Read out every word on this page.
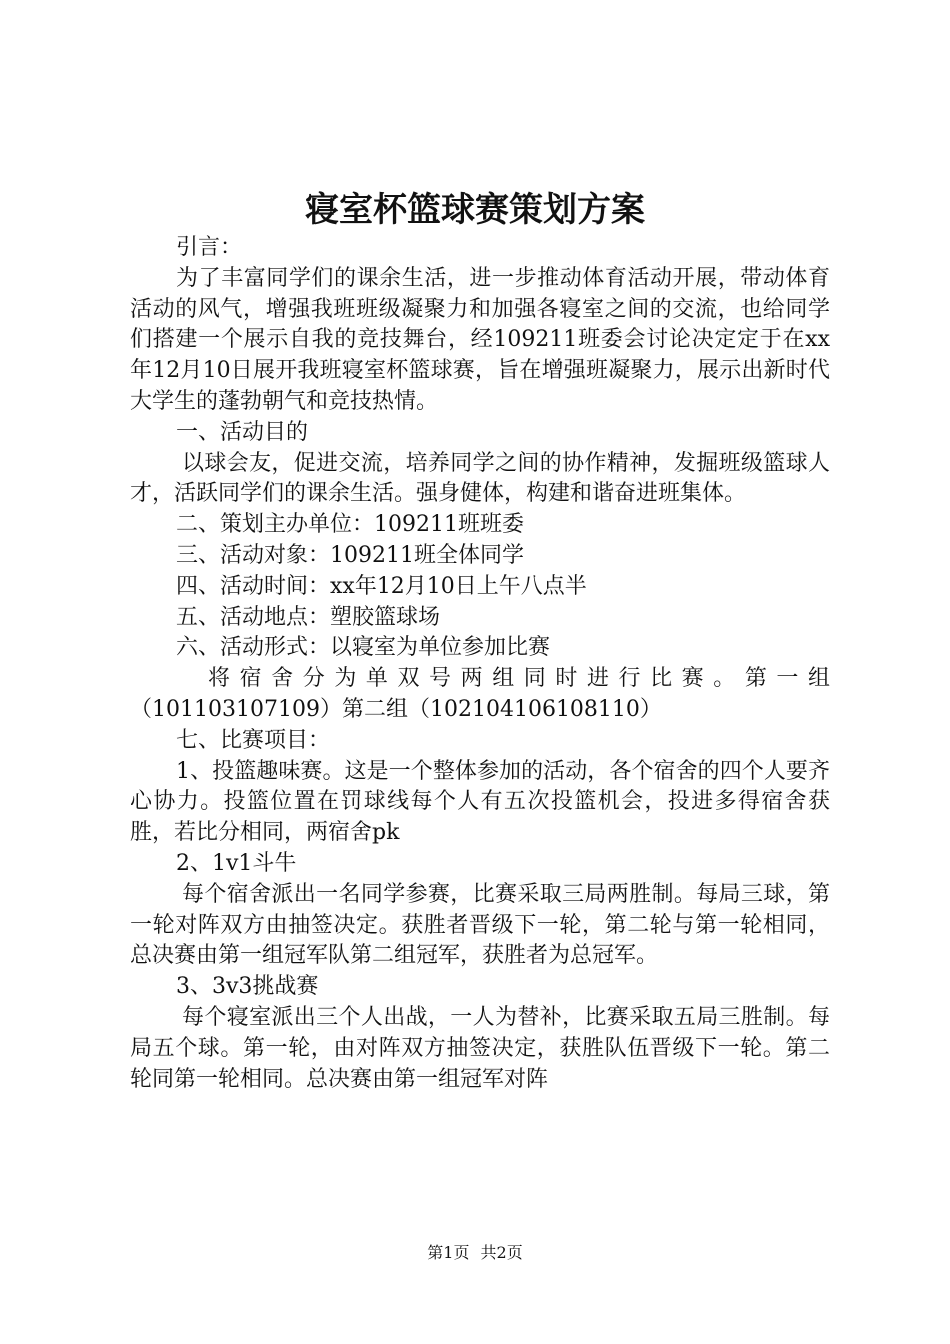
寝室杯篮球赛策划方案

引言：

为了丰富同学们的课余生活，进一步推动体育活动开展，带动体育活动的风气，增强我班班级凝聚力和加强各寝室之间的交流，也给同学们搭建一个展示自我的竞技舞台，经109211班委会讨论决定定于在xx年12月10日展开我班寝室杯篮球赛，旨在增强班凝聚力，展示出新时代大学生的蓬勃朝气和竞技热情。

一、活动目的

以球会友，促进交流，培养同学之间的协作精神，发掘班级篮球人才，活跃同学们的课余生活。强身健体，构建和谐奋进班集体。

二、策划主办单位：109211班班委

三、活动对象：109211班全体同学

四、活动时间：xx年12月10日上午八点半

五、活动地点：塑胶篮球场

六、活动形式：以寝室为单位参加比赛

将宿舍分为单双号两组同时进行比赛。第一组

（101103107109）第二组（102104106108110）

七、比赛项目：

1、投篮趣味赛。这是一个整体参加的活动，各个宿舍的四个人要齐心协力。投篮位置在罚球线每个人有五次投篮机会，投进多得宿舍获胜，若比分相同，两宿舍pk

2、1v1斗牛

每个宿舍派出一名同学参赛，比赛采取三局两胜制。每局三球，第一轮对阵双方由抽签决定。获胜者晋级下一轮，第二轮与第一轮相同，总决赛由第一组冠军队第二组冠军，获胜者为总冠军。

3、3v3挑战赛

每个寝室派出三个人出战，一人为替补，比赛采取五局三胜制。每局五个球。第一轮，由对阵双方抽签决定，获胜队伍晋级下一轮。第二轮同第一轮相同。总决赛由第一组冠军对阵

第1页 共2页
